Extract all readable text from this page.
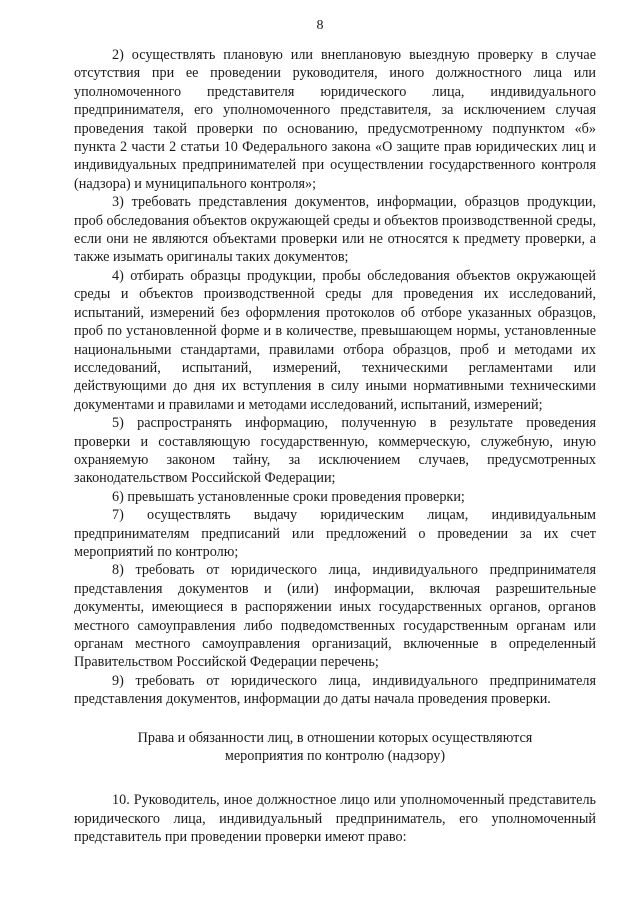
8

2) осуществлять плановую или внеплановую выездную проверку в случае отсутствия при ее проведении руководителя, иного должностного лица или уполномоченного представителя юридического лица, индивидуального предпринимателя, его уполномоченного представителя, за исключением случая проведения такой проверки по основанию, предусмотренному подпунктом «б» пункта 2 части 2 статьи 10 Федерального закона «О защите прав юридических лиц и индивидуальных предпринимателей при осуществлении государственного контроля (надзора) и муниципального контроля»;

3) требовать представления документов, информации, образцов продукции, проб обследования объектов окружающей среды и объектов производственной среды, если они не являются объектами проверки или не относятся к предмету проверки, а также изымать оригиналы таких документов;

4) отбирать образцы продукции, пробы обследования объектов окружающей среды и объектов производственной среды для проведения их исследований, испытаний, измерений без оформления протоколов об отборе указанных образцов, проб по установленной форме и в количестве, превышающем нормы, установленные национальными стандартами, правилами отбора образцов, проб и методами их исследований, испытаний, измерений, техническими регламентами или действующими до дня их вступления в силу иными нормативными техническими документами и правилами и методами исследований, испытаний, измерений;

5) распространять информацию, полученную в результате проведения проверки и составляющую государственную, коммерческую, служебную, иную охраняемую законом тайну, за исключением случаев, предусмотренных законодательством Российской Федерации;

6) превышать установленные сроки проведения проверки;

7) осуществлять выдачу юридическим лицам, индивидуальным предпринимателям предписаний или предложений о проведении за их счет мероприятий по контролю;

8) требовать от юридического лица, индивидуального предпринимателя представления документов и (или) информации, включая разрешительные документы, имеющиеся в распоряжении иных государственных органов, органов местного самоуправления либо подведомственных государственным органам или органам местного самоуправления организаций, включенные в определенный Правительством Российской Федерации перечень;

9) требовать от юридического лица, индивидуального предпринимателя представления документов, информации до даты начала проведения проверки.

Права и обязанности лиц, в отношении которых осуществляются
мероприятия по контролю (надзору)

10. Руководитель, иное должностное лицо или уполномоченный представитель юридического лица, индивидуальный предприниматель, его уполномоченный представитель при проведении проверки имеют право:
